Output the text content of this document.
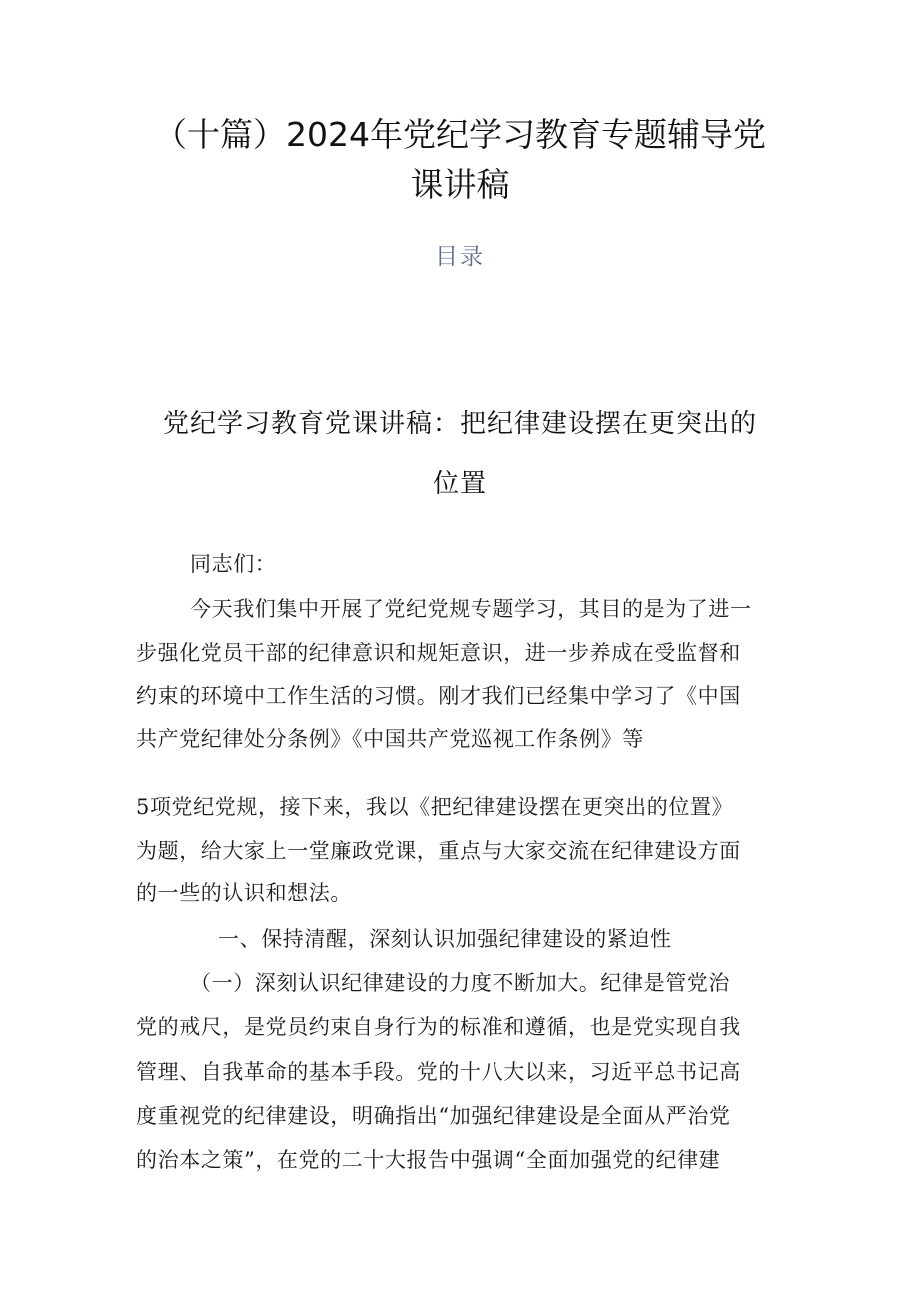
（十篇）2024年党纪学习教育专题辅导党
课讲稿
目录
党纪学习教育党课讲稿：把纪律建设摆在更突出的
位置
同志们：
今天我们集中开展了党纪党规专题学习，其目的是为了进一
步强化党员干部的纪律意识和规矩意识，进一步养成在受监督和
约束的环境中工作生活的习惯。刚才我们已经集中学习了《中国
共产党纪律处分条例》《中国共产党巡视工作条例》等
5项党纪党规，接下来，我以《把纪律建设摆在更突出的位置》
为题，给大家上一堂廉政党课，重点与大家交流在纪律建设方面
的一些的认识和想法。
一、保持清醒，深刻认识加强纪律建设的紧迫性
（一）深刻认识纪律建设的力度不断加大。纪律是管党治
党的戒尺，是党员约束自身行为的标准和遵循，也是党实现自我
管理、自我革命的基本手段。党的十八大以来，习近平总书记高
度重视党的纪律建设，明确指出“加强纪律建设是全面从严治党
的治本之策”，在党的二十大报告中强调“全面加强党的纪律建
